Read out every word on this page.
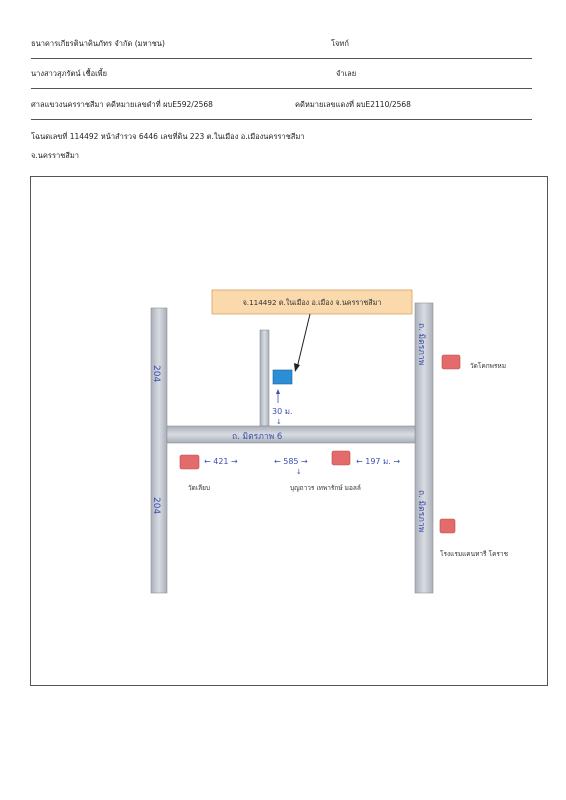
ธนาคารเกียรตินาคินภัทร จำกัด (มหาชน)	โจทก์
นางสาวสุภรัตน์ เชื้อเพี้ย	จำเลย
ศาลแขวงนครราชสีมา คดีหมายเลขดำที่ ผบE592/2568	คดีหมายเลขแดงที่ ผบE2110/2568
โฉนดเลขที่ 114492 หน้าสำรวจ 6446 เลขที่ดิน 223 ต.ในเมือง อ.เมืองนครราชสีมา
จ.นครราชสีมา
จ.114492 ต.ในเมือง อ.เมือง จ.นครราชสีมา
30 ม.
↓
204
204
ถ. มิตรภาพ 6
ถ. มิตรภาพ
ถ. มิตรภาพ
← 421 →	← 585 →	← 197 ม. →
↓
วัดโคกพรหม
วัดเลียบ	บุญถาวร เทพารักษ์ มอลล์
โรงแรมแคนทารี โคราช
